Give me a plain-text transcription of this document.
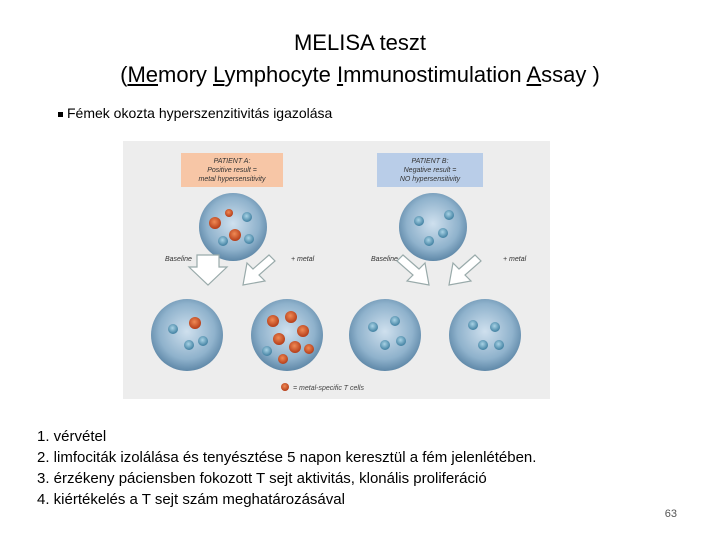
MELISA teszt
(Memory Lymphocyte Immunostimulation Assay )
Fémek okozta hyperszenzitivitás igazolása
PATIENT A:
Positive result =
metal hypersensitivity
PATIENT B:
Negative result =
NO hypersensitivity
Baseline	+ metal	Baseline	+ metal
= metal-specific T cells
1. vérvétel
2. limfociták izolálása és tenyésztése 5 napon keresztül a fém jelenlétében.
3. érzékeny páciensben fokozott T sejt aktivitás, klonális proliferáció
4. kiértékelés a T sejt szám meghatározásával
63
